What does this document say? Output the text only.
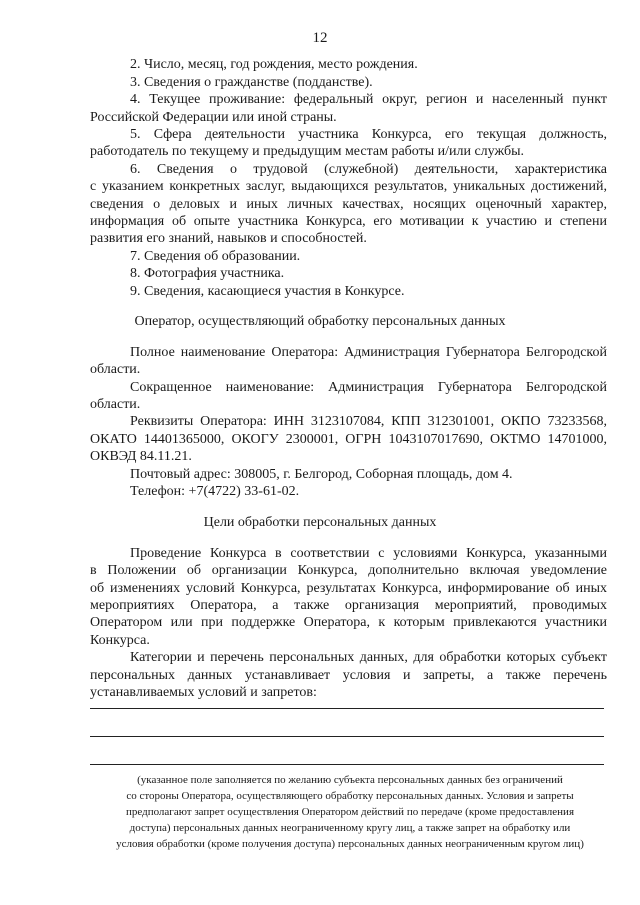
12
2. Число, месяц, год рождения, место рождения.
3. Сведения о гражданстве (подданстве).
4. Текущее проживание: федеральный округ, регион и населенный пункт
Российской Федерации или иной страны.
5. Сфера деятельности участника Конкурса, его текущая должность,
работодатель по текущему и предыдущим местам работы и/или службы.
6. Сведения о трудовой (служебной) деятельности, характеристика
с указанием конкретных заслуг, выдающихся результатов, уникальных достижений,
сведения о деловых и иных личных качествах, носящих оценочный характер,
информация об опыте участника Конкурса, его мотивации к участию и степени
развития его знаний, навыков и способностей.
7. Сведения об образовании.
8. Фотография участника.
9. Сведения, касающиеся участия в Конкурсе.
Оператор, осуществляющий обработку персональных данных
Полное наименование Оператора: Администрация Губернатора Белгородской
области.
Сокращенное наименование: Администрация Губернатора Белгородской
области.
Реквизиты Оператора: ИНН 3123107084, КПП 312301001, ОКПО 73233568,
ОКАТО 14401365000, ОКОГУ 2300001, ОГРН 1043107017690, ОКТМО 14701000,
ОКВЭД 84.11.21.
Почтовый адрес: 308005, г. Белгород, Соборная площадь, дом 4.
Телефон: +7(4722) 33-61-02.
Цели обработки персональных данных
Проведение Конкурса в соответствии с условиями Конкурса, указанными
в Положении об организации Конкурса, дополнительно включая уведомление
об изменениях условий Конкурса, результатах Конкурса, информирование об иных
мероприятиях Оператора, а также организация мероприятий, проводимых
Оператором или при поддержке Оператора, к которым привлекаются участники
Конкурса.
Категории и перечень персональных данных, для обработки которых субъект
персональных данных устанавливает условия и запреты, а также перечень
устанавливаемых условий и запретов:
(указанное поле заполняется по желанию субъекта персональных данных без ограничений
со стороны Оператора, осуществляющего обработку персональных данных. Условия и запреты
предполагают запрет осуществления Оператором действий по передаче (кроме предоставления
доступа) персональных данных неограниченному кругу лиц, а также запрет на обработку или
условия обработки (кроме получения доступа) персональных данных неограниченным кругом лиц)
